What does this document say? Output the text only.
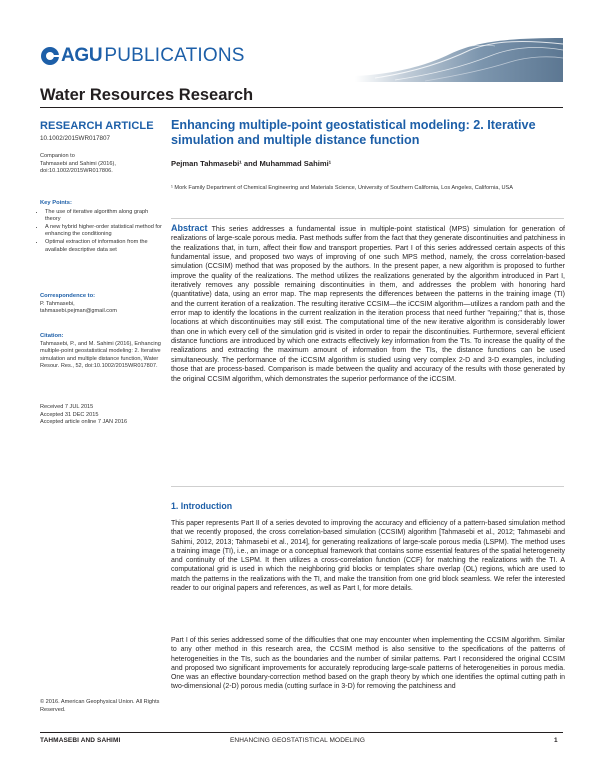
AGU PUBLICATIONS
Water Resources Research
RESEARCH ARTICLE
10.1002/2015WR017807
Companion to
Tahmasebi and Sahimi (2016), doi:10.1002/2015WR017806.
Key Points:
• The use of iterative algorithm along graph theory
• A new hybrid higher-order statistical method for enhancing the conditioning
• Optimal extraction of information from the available descriptive data set
Correspondence to:
P. Tahmasebi,
tahmasebi.pejman@gmail.com
Citation:
Tahmasebi, P., and M. Sahimi (2016), Enhancing multiple-point geostatistical modeling: 2. Iterative simulation and multiple distance function, Water Resour. Res., 52, doi:10.1002/2015WR017807.
Received 7 JUL 2015
Accepted 31 DEC 2015
Accepted article online 7 JAN 2016
© 2016. American Geophysical Union. All Rights Reserved.
Enhancing multiple-point geostatistical modeling: 2. Iterative simulation and multiple distance function
Pejman Tahmasebi¹ and Muhammad Sahimi¹
¹ Mork Family Department of Chemical Engineering and Materials Science, University of Southern California, Los Angeles, California, USA
Abstract This series addresses a fundamental issue in multiple-point statistical (MPS) simulation for generation of realizations of large-scale porous media. Past methods suffer from the fact that they generate discontinuities and patchiness in the realizations that, in turn, affect their flow and transport properties. Part I of this series addressed certain aspects of this fundamental issue, and proposed two ways of improving of one such MPS method, namely, the cross correlation-based simulation (CCSIM) method that was proposed by the authors. In the present paper, a new algorithm is proposed to further improve the quality of the realizations. The method utilizes the realizations generated by the algorithm introduced in Part I, iteratively removes any possible remaining discontinuities in them, and addresses the problem with honoring hard (quantitative) data, using an error map. The map represents the differences between the patterns in the training image (TI) and the current iteration of a realization. The resulting iterative CCSIM—the iCCSIM algorithm—utilizes a random path and the error map to identify the locations in the current realization in the iteration process that need further "repairing;" that is, those locations at which discontinuities may still exist. The computational time of the new iterative algorithm is considerably lower than one in which every cell of the simulation grid is visited in order to repair the discontinuities. Furthermore, several efficient distance functions are introduced by which one extracts effectively key information from the TIs. To increase the quality of the realizations and extracting the maximum amount of information from the TIs, the distance functions can be used simultaneously. The performance of the iCCSIM algorithm is studied using very complex 2-D and 3-D examples, including those that are process-based. Comparison is made between the quality and accuracy of the results with those generated by the original CCSIM algorithm, which demonstrates the superior performance of the iCCSIM.
1. Introduction
This paper represents Part II of a series devoted to improving the accuracy and efficiency of a pattern-based simulation method that we recently proposed, the cross correlation-based simulation (CCSIM) algorithm [Tahmasebi et al., 2012; Tahmasebi and Sahimi, 2012, 2013; Tahmasebi et al., 2014], for generating realizations of large-scale porous media (LSPM). The method uses a training image (TI), i.e., an image or a conceptual framework that contains some essential features of the spatial heterogeneity and continuity of the LSPM. It then utilizes a cross-correlation function (CCF) for matching the realizations with the TI. A computational grid is used in which the neighboring grid blocks or templates share overlap (OL) regions, which are used to match the patterns in the realizations with the TI, and make the transition from one grid block seamless. We refer the interested reader to our original papers and references, as well as Part I, for more details.
Part I of this series addressed some of the difficulties that one may encounter when implementing the CCSIM algorithm. Similar to any other method in this research area, the CCSIM method is also sensitive to the specifications of the patterns of heterogeneities in the TIs, such as the boundaries and the number of similar patterns. Part I reconsidered the original CCSIM and proposed two significant improvements for accurately reproducing large-scale patterns of heterogeneities in porous media. One was an effective boundary-correction method based on the graph theory by which one identifies the optimal cutting path in two-dimensional (2-D) porous media (cutting surface in 3-D) for removing the patchiness and
TAHMASEBI AND SAHIMI	ENHANCING GEOSTATISTICAL MODELING	1
